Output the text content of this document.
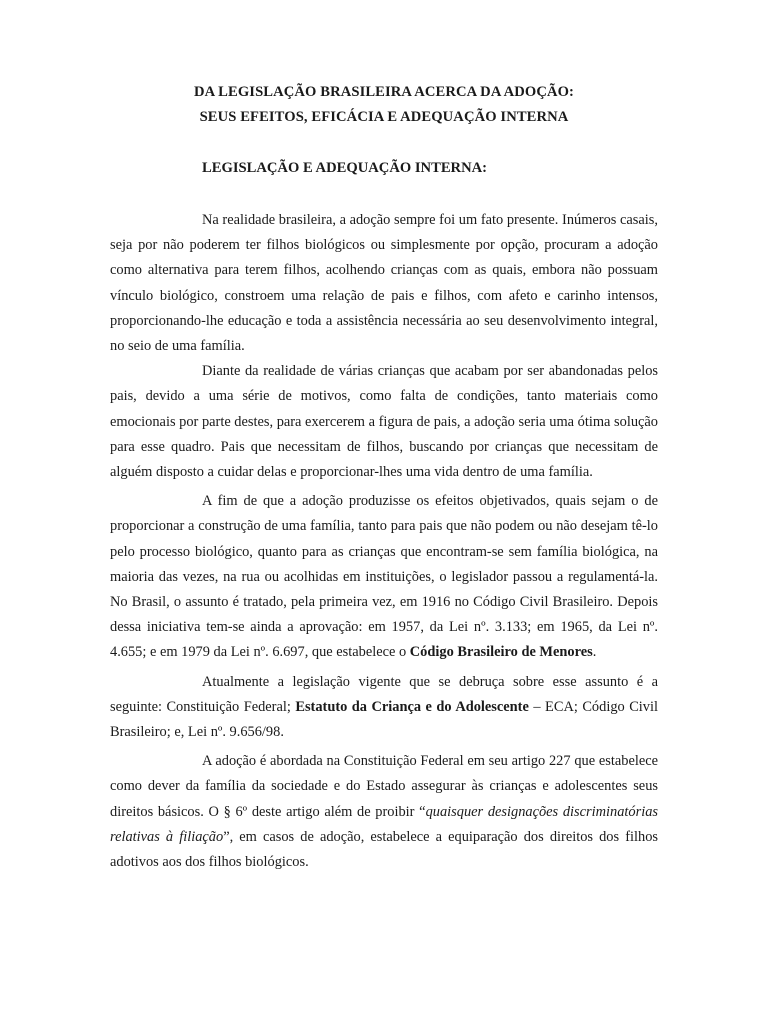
DA LEGISLAÇÃO BRASILEIRA ACERCA DA ADOÇÃO:
SEUS EFEITOS, EFICÁCIA E ADEQUAÇÃO INTERNA
LEGISLAÇÃO E ADEQUAÇÃO INTERNA:

Na realidade brasileira, a adoção sempre foi um fato presente. Inúmeros casais, seja por não poderem ter filhos biológicos ou simplesmente por opção, procuram a adoção como alternativa para terem filhos, acolhendo crianças com as quais, embora não possuam vínculo biológico, constroem uma relação de pais e filhos, com afeto e carinho intensos, proporcionando-lhe educação e toda a assistência necessária ao seu desenvolvimento integral, no seio de uma família.

Diante da realidade de várias crianças que acabam por ser abandonadas pelos pais, devido a uma série de motivos, como falta de condições, tanto materiais como emocionais por parte destes, para exercerem a figura de pais, a adoção seria uma ótima solução para esse quadro. Pais que necessitam de filhos, buscando por crianças que necessitam de alguém disposto a cuidar delas e proporcionar-lhes uma vida dentro de uma família.

A fim de que a adoção produzisse os efeitos objetivados, quais sejam o de proporcionar a construção de uma família, tanto para pais que não podem ou não desejam tê-lo pelo processo biológico, quanto para as crianças que encontram-se sem família biológica, na maioria das vezes, na rua ou acolhidas em instituições, o legislador passou a regulamentá-la. No Brasil, o assunto é tratado, pela primeira vez, em 1916 no Código Civil Brasileiro. Depois dessa iniciativa tem-se ainda a aprovação: em 1957, da Lei nº. 3.133; em 1965, da Lei nº. 4.655; e em 1979 da Lei nº. 6.697, que estabelece o Código Brasileiro de Menores.

Atualmente a legislação vigente que se debruça sobre esse assunto é a seguinte: Constituição Federal; Estatuto da Criança e do Adolescente – ECA; Código Civil Brasileiro; e, Lei nº. 9.656/98.

A adoção é abordada na Constituição Federal em seu artigo 227 que estabelece como dever da família da sociedade e do Estado assegurar às crianças e adolescentes seus direitos básicos. O § 6º deste artigo além de proibir “quaisquer designações discriminatórias relativas à filiação”, em casos de adoção, estabelece a equiparação dos direitos dos filhos adotivos aos dos filhos biológicos.
